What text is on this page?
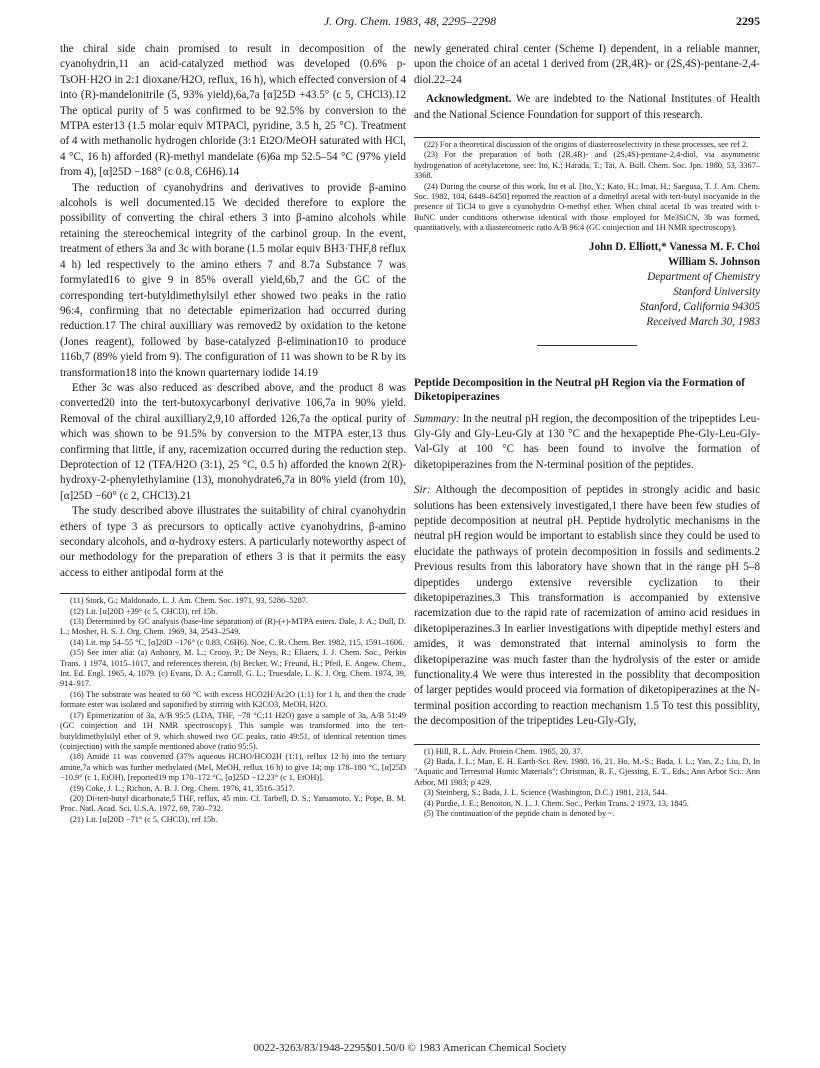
J. Org. Chem. 1983, 48, 2295–2298	2295

the chiral side chain promised to result in decomposition of the cyanohydrin,11 an acid-catalyzed method was developed (0.6% p-TsOH·H2O in 2:1 dioxane/H2O, reflux, 16 h), which effected conversion of 4 into (R)-mandelonitrile (5, 93% yield),6a,7a [α]25D +43.5° (c 5, CHCl3).12 The optical purity of 5 was confirmed to be 92.5% by conversion to the MTPA ester13 (1.5 molar equiv MTPACl, pyridine, 3.5 h, 25 °C). Treatment of 4 with methanolic hydrogen chloride (3:1 Et2O/MeOH saturated with HCl, 4 °C, 16 h) afforded (R)-methyl mandelate (6)6a mp 52.5–54 °C (97% yield from 4), [α]25D −168° (c 0.8, C6H6).14

The reduction of cyanohydrins and derivatives to provide β-amino alcohols is well documented.15 We decided therefore to explore the possibility of converting the chiral ethers 3 into β-amino alcohols while retaining the stereochemical integrity of the carbinol group. In the event, treatment of ethers 3a and 3c with borane (1.5 molar equiv BH3·THF,8 reflux 4 h) led respectively to the amino ethers 7 and 8.7a Substance 7 was formylated16 to give 9 in 85% overall yield,6b,7 and the GC of the corresponding tert-butyldimethylsilyl ether showed two peaks in the ratio 96:4, confirming that no detectable epimerization had occurred during reduction.17 The chiral auxilliary was removed2 by oxidation to the ketone (Jones reagent), followed by base-catalyzed β-elimination10 to produce 116b,7 (89% yield from 9). The configuration of 11 was shown to be R by its transformation18 into the known quarternary iodide 14.19

Ether 3c was also reduced as described above, and the product 8 was converted20 into the tert-butoxycarbonyl derivative 106,7a in 90% yield. Removal of the chiral auxilliary2,9,10 afforded 126,7a the optical purity of which was shown to be 91.5% by conversion to the MTPA ester,13 thus confirming that little, if any, racemization occurred during the reduction step. Deprotection of 12 (TFA/H2O (3:1), 25 °C, 0.5 h) afforded the known 2(R)-hydroxy-2-phenylethylamine (13), monohydrate6,7a in 80% yield (from 10), [α]25D −60° (c 2, CHCl3).21

The study described above illustrates the suitability of chiral cyanohydrin ethers of type 3 as precursors to optically active cyanohydrins, β-amino secondary alcohols, and α-hydroxy esters. A particularly noteworthy aspect of our methodology for the preparation of ethers 3 is that it permits the easy access to either antipodal form at the

(11) Stork, G.; Maldonado, L. J. Am. Chem. Soc. 1971, 93, 5286–5287.

(12) Lit. [α]20D +39° (c 5, CHCl3), ref 15b.

(13) Determined by GC analysis (base-line separation) of (R)-(+)-MTPA esters. Dale, J. A.; Dull, D. L.; Mosher, H. S. J. Org. Chem. 1969, 34, 2543–2549.

(14) Lit. mp 54–55 °C, [α]20D −176° (c 0.83, C6H6). Noe, C. R. Chem. Ber. 1982, 115, 1591–1606.

(15) See inter alia: (a) Anhoury, M. L.; Crooy, P.; De Neys, R.; Eliaers, J. J. Chem. Soc., Perkin Trans. 1 1974, 1015–1017, and references therein. (b) Becker, W.; Freund, H.; Pfeil, E. Angew. Chem., Int. Ed. Engl. 1965, 4, 1079. (c) Evans, D. A.; Carroll, G. L.; Truesdale, L. K. J. Org. Chem. 1974, 39, 914–917.

(16) The substrate was heated to 60 °C with excess HCO2H/Ac2O (1:1) for 1 h, and then the crude formate ester was isolated and saponified by stirring with K2CO3, MeOH, H2O.

(17) Epimerization of 3a, A/B 95:5 (LDA, THF, −78 °C;11 H2O) gave a sample of 3a, A/B 51:49 (GC coinjection and 1H NMR spectroscopy). This sample was transformed into the tert-butyldimethylsilyl ether of 9, which showed two GC peaks, ratio 49:51, of identical retention times (coinjection) with the sample mentioned above (ratio 95:5).

(18) Amide 11 was converted (37% aqueous HCHO/HCO2H (1:1), reflux 12 h) into the tertiary amine,7a which was further methylated (MeI, MeOH, reflux 16 h) to give 14; mp 178–180 °C, [α]25D −10.9° (c 1, EtOH), [reported19 mp 170–172 °C, [α]25D −12.23° (c 1, EtOH)].

(19) Coke, J. L.; Richon, A. B. J. Org. Chem. 1976, 41, 3516–3517.

(20) Di-tert-butyl dicarbonate,5 THF, reflux, 45 min. Cf. Tarbell, D. S.; Yamamoto, Y.; Pope, B. M. Proc. Natl. Acad. Sci. U.S.A. 1972, 69, 730–732.

(21) Lit. [α]20D −71° (c 5, CHCl3), ref 15b.

newly generated chiral center (Scheme I) dependent, in a reliable manner, upon the choice of an acetal 1 derived from (2R,4R)- or (2S,4S)-pentane-2,4-diol.22–24

Acknowledgment. We are indebted to the National Institutes of Health and the National Science Foundation for support of this research.

(22) For a theoretical discussion of the origins of diastereoselectivity in these processes, see ref 2.

(23) For the preparation of both (2R,4R)- and (2S,4S)-pentane-2,4-diol, via asymmetric hydrogenation of acetylacetone, see: Ito, K.; Harada, T.; Tai, A. Bull. Chem. Soc. Jpn. 1980, 53, 3367–3368.

(24) During the course of this work, Ito et al. [Ito, Y.; Kato, H.; Imai, H.; Saegusa, T. J. Am. Chem. Soc. 1982, 104, 6449–6450] reported the reaction of a dimethyl acetal with tert-butyl isocyanide in the presence of TiCl4 to give a cyanohydrin O-methyl ether. When chiral acetal 1b was treated with t-BuNC under conditions otherwise identical with those employed for Me3SiCN, 3b was formed, quantitatively, with a diastereomeric ratio A/B 96:4 (GC coinjection and 1H NMR spectroscopy).

John D. Elliott,* Vanessa M. F. Choi
William S. Johnson
Department of Chemistry
Stanford University
Stanford, California 94305
Received March 30, 1983
Peptide Decomposition in the Neutral pH Region via the Formation of Diketopiperazines

Summary: In the neutral pH region, the decomposition of the tripeptides Leu-Gly-Gly and Gly-Leu-Gly at 130 °C and the hexapeptide Phe-Gly-Leu-Gly-Val-Gly at 100 °C has been found to involve the formation of diketopiperazines from the N-terminal position of the peptides.

Sir: Although the decomposition of peptides in strongly acidic and basic solutions has been extensively investigated,1 there have been few studies of peptide decomposition at neutral pH. Peptide hydrolytic mechanisms in the neutral pH region would be important to establish since they could be used to elucidate the pathways of protein decomposition in fossils and sediments.2 Previous results from this laboratory have shown that in the range pH 5–8 dipeptides undergo extensive reversible cyclization to their diketopiperazines.3 This transformation is accompanied by extensive racemization due to the rapid rate of racemization of amino acid residues in diketopiperazines.3 In earlier investigations with dipeptide methyl esters and amides, it was demonstrated that internal aminolysis to form the diketopiperazine was much faster than the hydrolysis of the ester or amide functionality.4 We were thus interested in the possiblity that decomposition of larger peptides would proceed via formation of diketopiperazines at the N-terminal position according to reaction mechanism 1.5 To test this possiblity, the decomposition of the tripeptides Leu-Gly-Gly,

(1) Hill, R. L. Adv. Protein Chem. 1965, 20, 37.

(2) Bada, J. L.; Man, E. H. Earth-Sci. Rev. 1980, 16, 21. Ho, M.-S.; Bada, J. L.; Yan, Z.; Liu, D. In "Aquatic and Terrestrial Humic Materials"; Christman, R. F., Gjessing, E. T., Eds.; Ann Arbor Sci.: Ann Arbor, MI 1983; p 429.

(3) Steinberg, S.; Bada, J. L. Science (Washington, D.C.) 1981, 213, 544.

(4) Purdie, J. E.; Benoiton, N. L. J. Chem. Soc., Perkin Trans. 2 1973, 13, 1845.

(5) The continuation of the peptide chain is denoted by ~.

0022-3263/83/1948-2295$01.50/0 © 1983 American Chemical Society
